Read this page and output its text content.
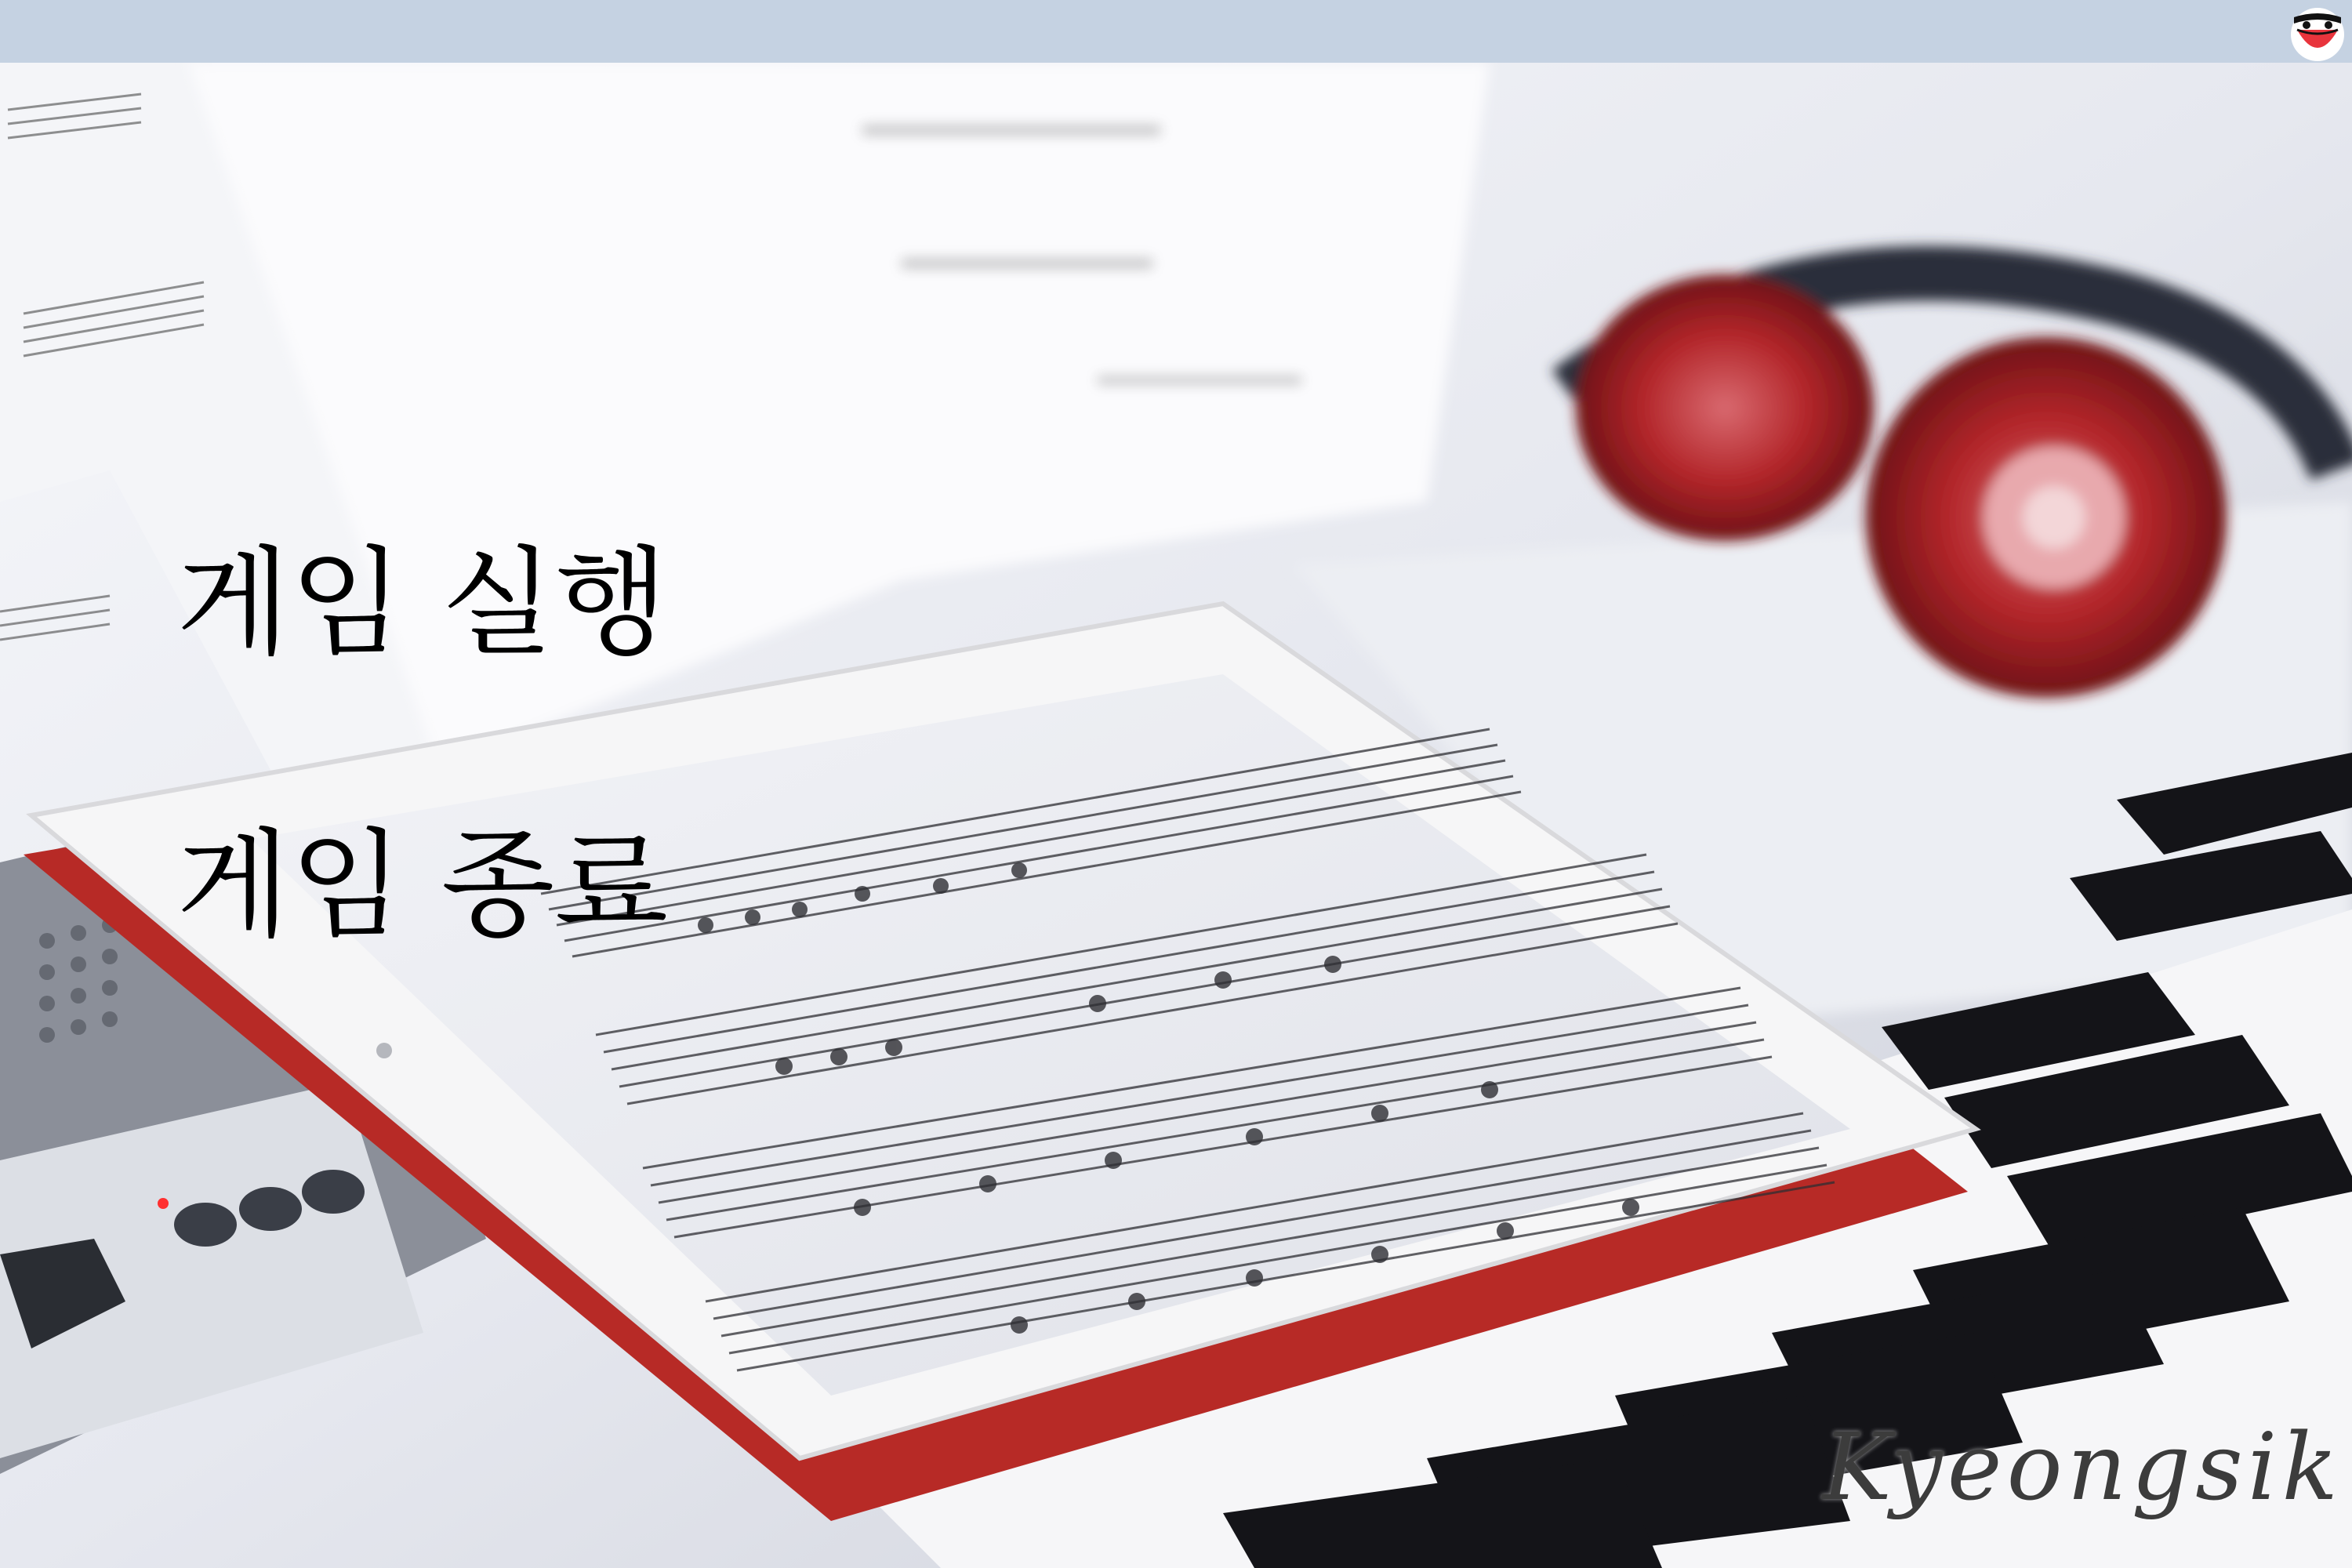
게임 실행
게임 종료
Kyeongsik
